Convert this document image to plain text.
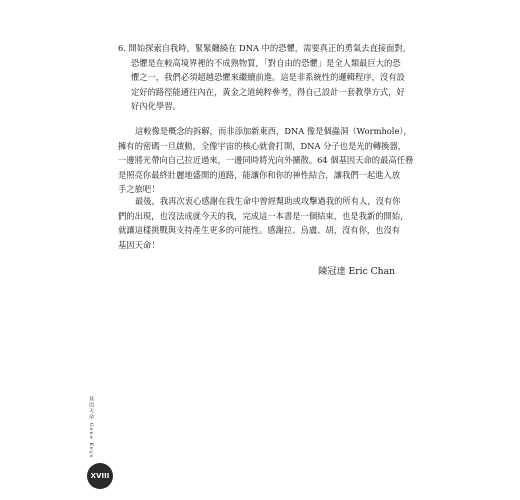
6. 開始探索自我時，緊緊纏繞在 DNA 中的恐懼，需要真正的勇氣去直接面對，
恐懼是在較高境界裡的不成熟物質，「對自由的恐懼」是全人類最巨大的恐
懼之一，我們必須超越恐懼來繼續前進。這是非系統性的邏輯程序，沒有設
定好的路徑能通往內在，黃金之道純粹參考，得自己設計一套教學方式，好
好內化學習。
這較像是概念的拆解，而非添加新東西，DNA 像是個蟲洞（Wormhole），
擁有的密碼一旦啟動，全像宇宙的核心就會打開，DNA 分子也是光的轉換器，
一邊將光帶向自己拉近過來，一邊同時將光向外擴散。64 個基因天命的最高任務
是照亮你最終壯麗地盛開的道路，能讓你和你的神性結合，讓我們一起進入放
手之旅吧！
最後，我再次衷心感謝在我生命中曾經幫助或攻擊過我的所有人，沒有你
們的出現，也沒法成就今天的我，完成這一本書是一個結束，也是我新的開始，
就讓這樣挑戰與支持產生更多的可能性。感謝拉、烏盧、胡，沒有你，也沒有
基因天命！
陳冠達 Eric Chan
基因天命 Gene Keys
XVIII
